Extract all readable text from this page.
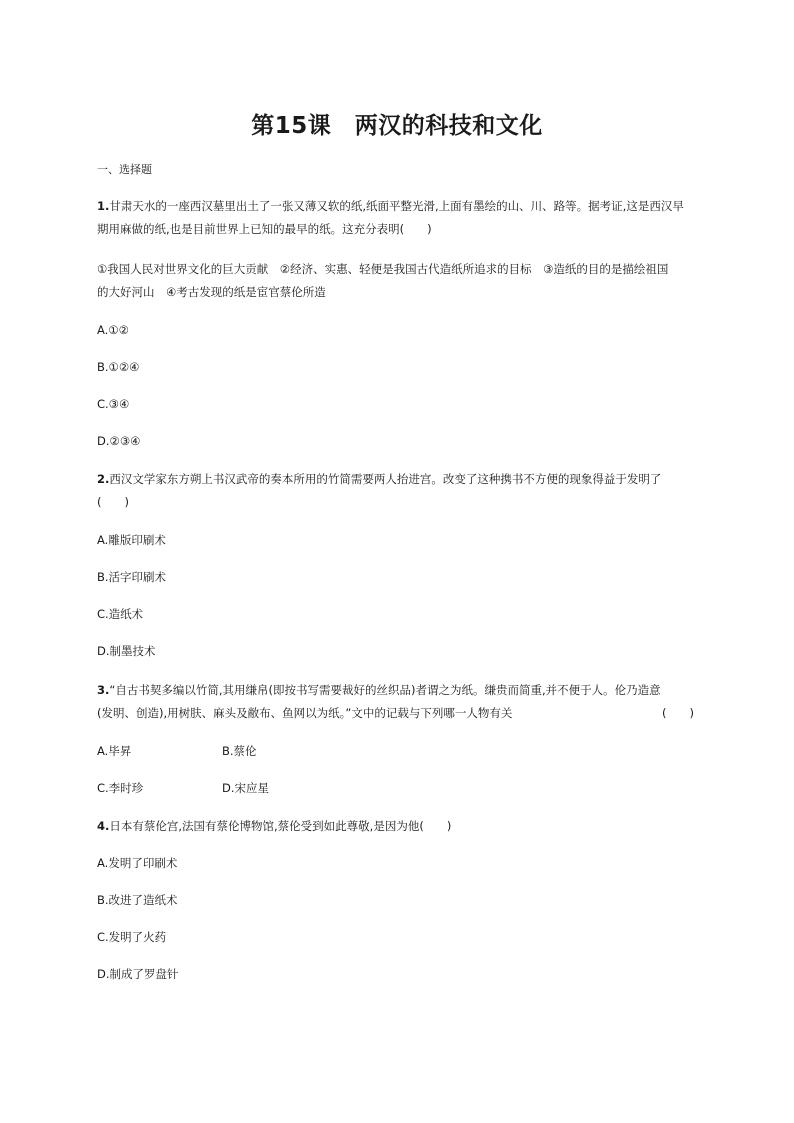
第15课　两汉的科技和文化
一、选择题
1.甘肃天水的一座西汉墓里出土了一张又薄又软的纸,纸面平整光滑,上面有墨绘的山、川、路等。据考证,这是西汉早
期用麻做的纸,也是目前世界上已知的最早的纸。这充分表明(　　)
①我国人民对世界文化的巨大贡献　②经济、实惠、轻便是我国古代造纸所追求的目标　③造纸的目的是描绘祖国
的大好河山　④考古发现的纸是宦官蔡伦所造
A.①②
B.①②④
C.③④
D.②③④
2.西汉文学家东方朔上书汉武帝的奏本所用的竹简需要两人抬进宫。改变了这种携书不方便的现象得益于发明了
(　　)
A.雕版印刷术
B.活字印刷术
C.造纸术
D.制墨技术
3.“自古书契多编以竹简,其用缣帛(即按书写需要裁好的丝织品)者谓之为纸。缣贵而简重,并不便于人。伦乃造意
(发明、创造),用树肤、麻头及敝布、鱼网以为纸。”文中的记载与下列哪一人物有关	(　　)
A.毕昇	B.蔡伦
C.李时珍	D.宋应星
4.日本有蔡伦宫,法国有蔡伦博物馆,蔡伦受到如此尊敬,是因为他(　　)
A.发明了印刷术
B.改进了造纸术
C.发明了火药
D.制成了罗盘针
